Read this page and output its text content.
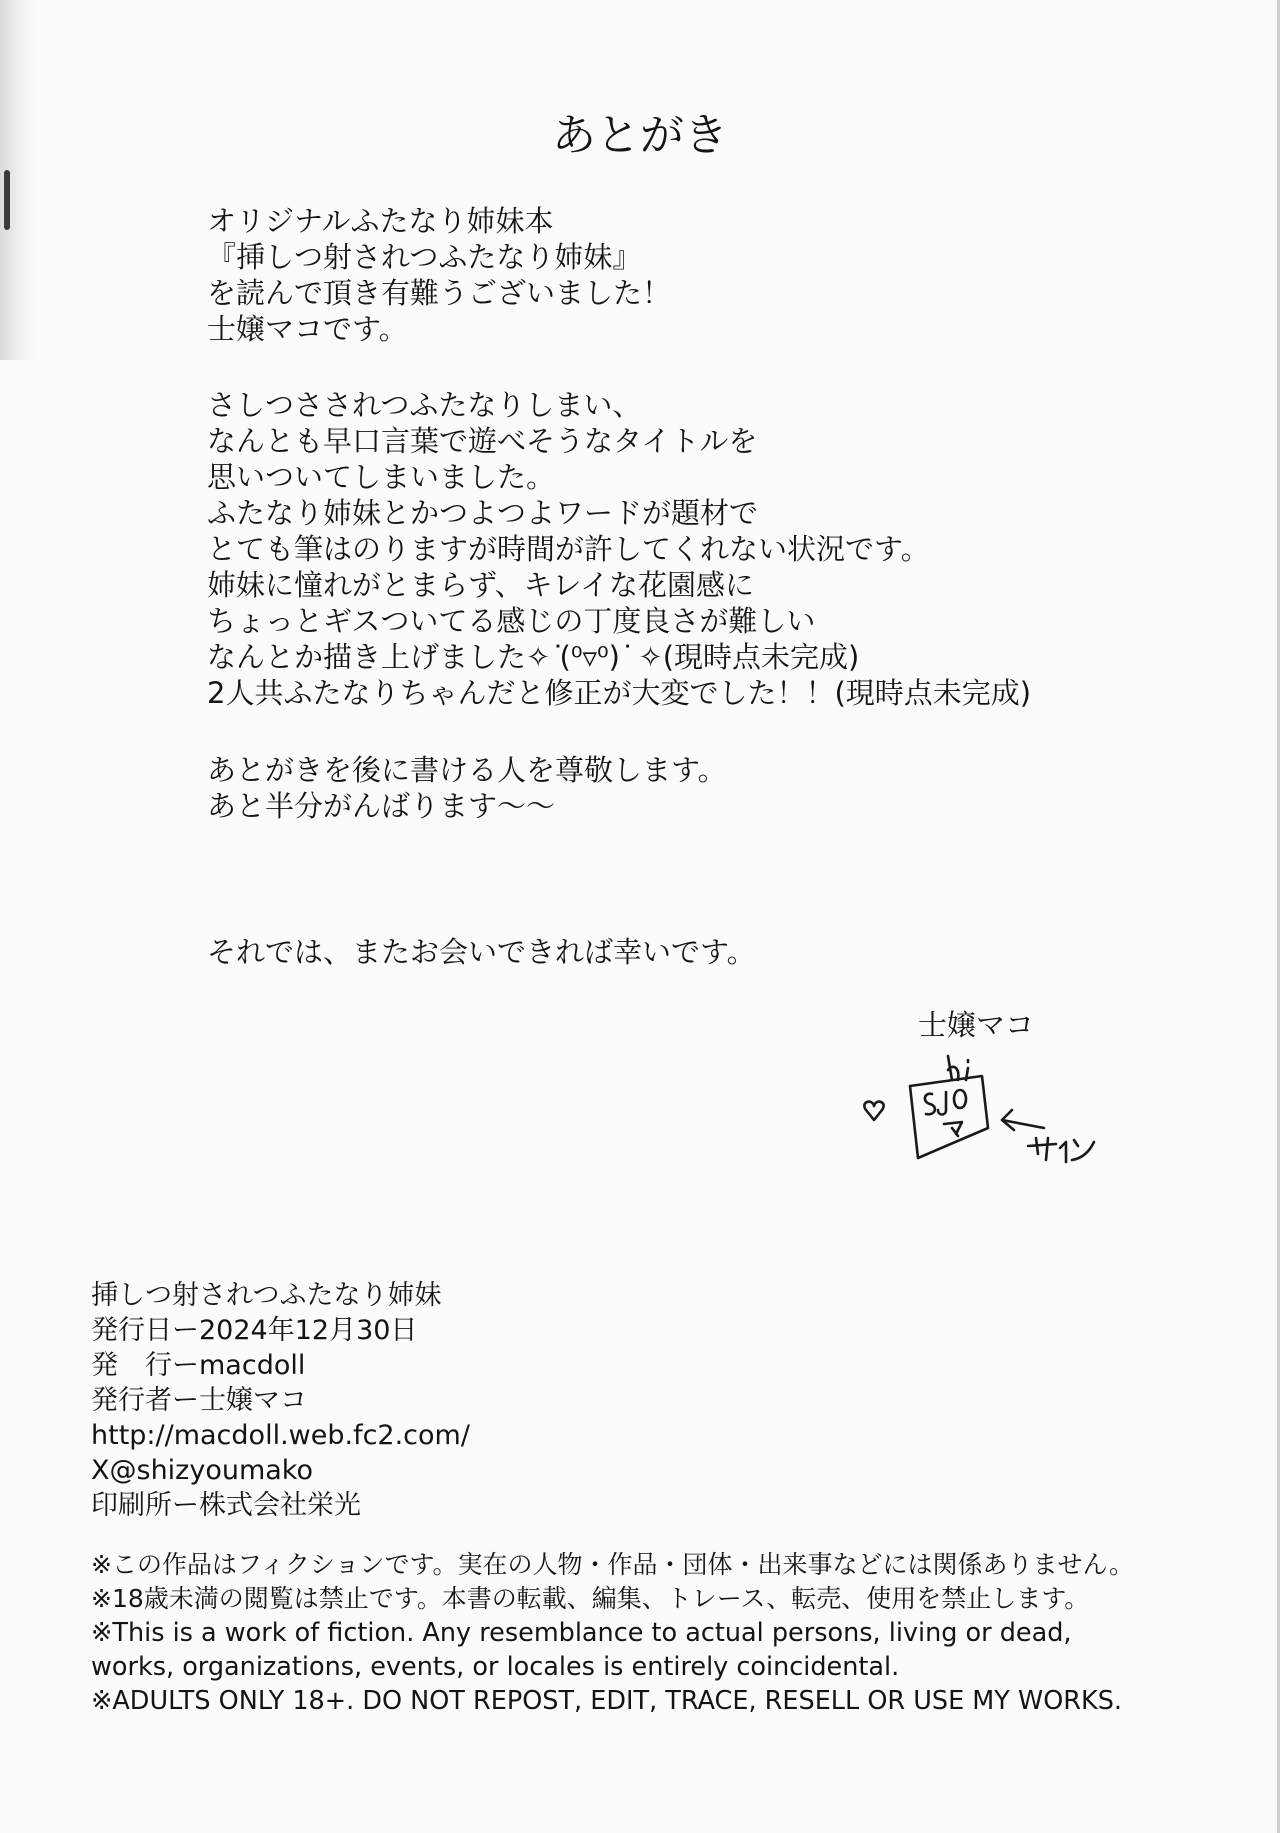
あとがき
オリジナルふたなり姉妹本
『挿しつ射されつふたなり姉妹』
を読んで頂き有難うございました！
士嬢マコです。
さしつさされつふたなりしまい、
なんとも早口言葉で遊べそうなタイトルを
思いついてしまいました。
ふたなり姉妹とかつよつよワードが題材で
とても筆はのりますが時間が許してくれない状況です。
姉妹に憧れがとまらず、キレイな花園感に
ちょっとギスついてる感じの丁度良さが難しい
なんとか描き上げました✧ ͘(⁰▿⁰) ͘ ✧(現時点未完成)
2人共ふたなりちゃんだと修正が大変でした！！(現時点未完成)
あとがきを後に書ける人を尊敬します。
あと半分がんばります～～
それでは、またお会いできれば幸いです。
士嬢マコ
挿しつ射されつふたなり姉妹
発行日ー2024年12月30日
発　行ーmacdoll
発行者ー士嬢マコ
http://macdoll.web.fc2.com/
X@shizyoumako
印刷所ー株式会社栄光
※この作品はフィクションです。実在の人物・作品・団体・出来事などには関係ありません。
※18歳未満の閲覧は禁止です。本書の転載、編集、トレース、転売、使用を禁止します。
※This is a work of fiction. Any resemblance to actual persons, living or dead,
works, organizations, events, or locales is entirely coincidental.
※ADULTS ONLY 18+. DO NOT REPOST, EDIT, TRACE, RESELL OR USE MY WORKS.
